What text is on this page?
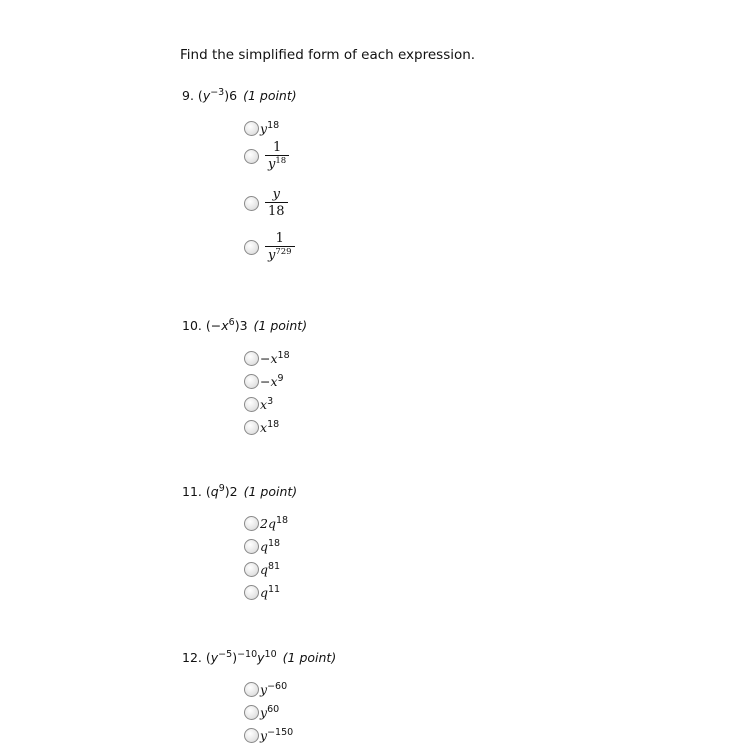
Find the simplified form of each expression.
9. $(y^{-3})6$ (1 point)
$y^{18}$
$\frac{1}{y^{18}}$
$\frac{y}{18}$
$\frac{1}{y^{729}}$
10. $(-x^6)3$ (1 point)
$-x^{18}$
$-x^9$
$x^3$
$x^{18}$
11. $(q^9)2$ (1 point)
$2q^{18}$
$q^{18}$
$q^{81}$
$q^{11}$
12. $(y^{-5})^{-10}y^{10}$ (1 point)
$y^{-60}$
$y^{60}$
$y^{-150}$
